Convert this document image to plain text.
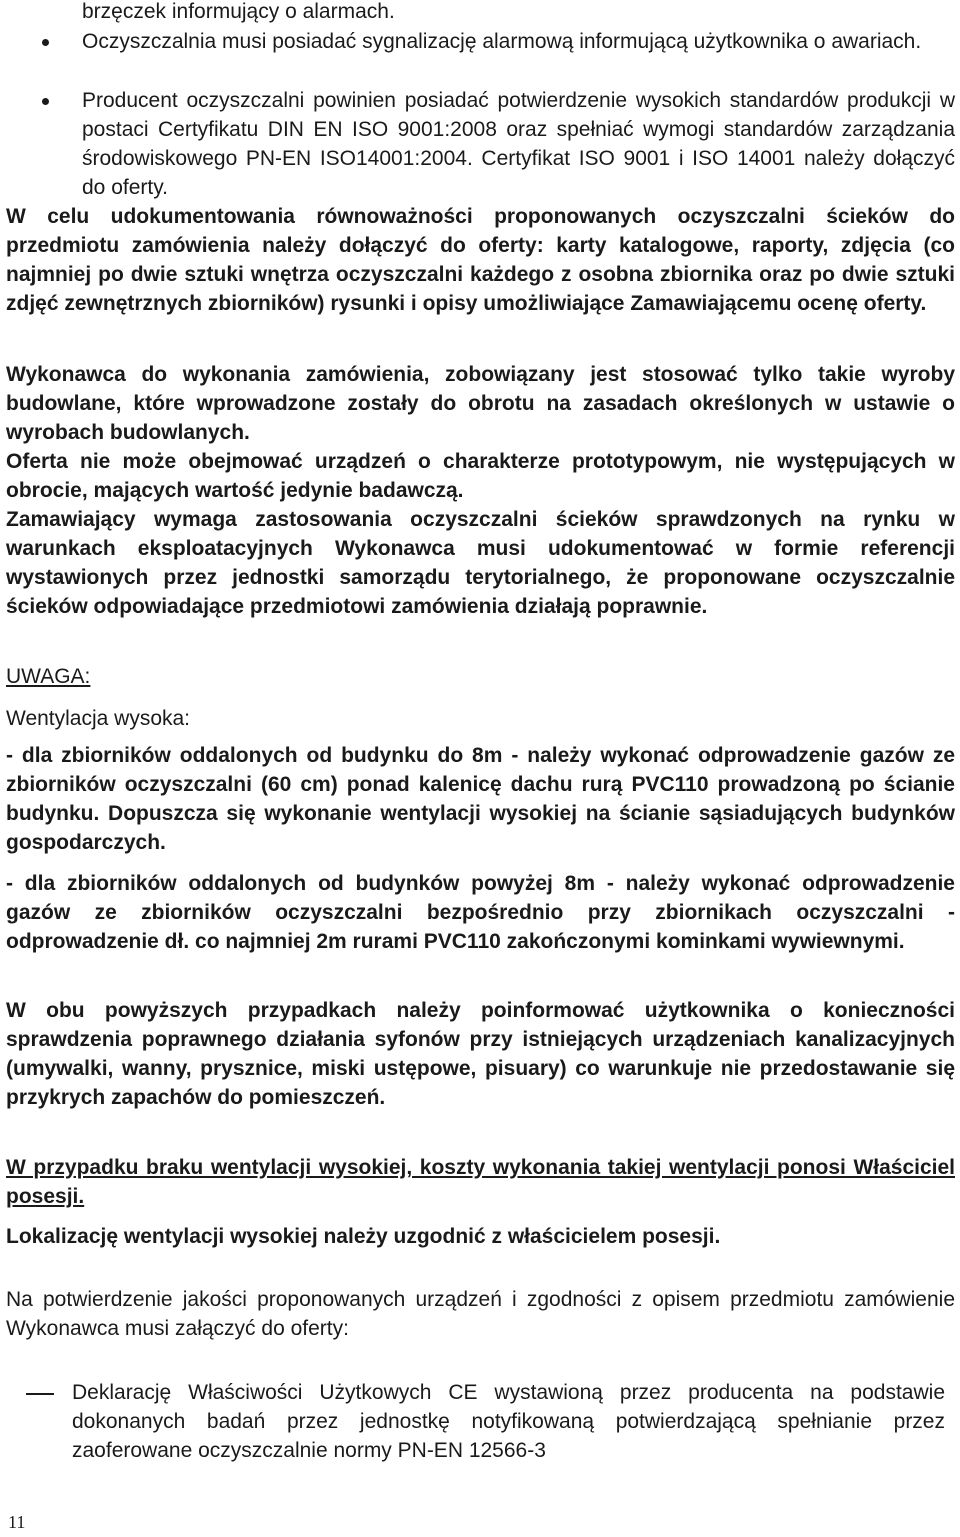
brzęczek informujący o alarmach.
Oczyszczalnia musi posiadać sygnalizację alarmową informującą użytkownika o awariach.
Producent oczyszczalni powinien posiadać potwierdzenie wysokich standardów produkcji w postaci Certyfikatu DIN EN ISO 9001:2008 oraz spełniać wymogi standardów zarządzania środowiskowego PN-EN ISO14001:2004. Certyfikat ISO 9001 i ISO 14001 należy dołączyć do oferty.

W celu udokumentowania równoważności proponowanych oczyszczalni ścieków do przedmiotu zamówienia należy dołączyć do oferty: karty katalogowe, raporty, zdjęcia (co najmniej po dwie sztuki wnętrza oczyszczalni każdego z osobna zbiornika oraz po dwie sztuki zdjęć zewnętrznych zbiorników) rysunki i opisy umożliwiające Zamawiającemu ocenę oferty.

Wykonawca do wykonania zamówienia, zobowiązany jest stosować tylko takie wyroby budowlane, które wprowadzone zostały do obrotu na zasadach określonych w ustawie o wyrobach budowlanych.

Oferta nie może obejmować urządzeń o charakterze prototypowym, nie występujących w obrocie, mających wartość jedynie badawczą.

Zamawiający wymaga zastosowania oczyszczalni ścieków sprawdzonych na rynku w warunkach eksploatacyjnych Wykonawca musi udokumentować w formie referencji wystawionych przez jednostki samorządu terytorialnego, że proponowane oczyszczalnie ścieków odpowiadające przedmiotowi zamówienia działają poprawnie.

UWAGA:

Wentylacja wysoka:

- dla zbiorników oddalonych od budynku do 8m - należy wykonać odprowadzenie gazów ze zbiorników oczyszczalni (60 cm) ponad kalenicę dachu rurą PVC110 prowadzoną po ścianie budynku. Dopuszcza się wykonanie wentylacji wysokiej na ścianie sąsiadujących budynków gospodarczych.

- dla zbiorników oddalonych od budynków powyżej 8m - należy wykonać odprowadzenie gazów ze zbiorników oczyszczalni bezpośrednio przy zbiornikach oczyszczalni - odprowadzenie dł. co najmniej 2m rurami PVC110 zakończonymi kominkami wywiewnymi.

W obu powyższych przypadkach należy poinformować użytkownika o konieczności sprawdzenia poprawnego działania syfonów przy istniejących urządzeniach kanalizacyjnych (umywalki, wanny, prysznice, miski ustępowe, pisuary) co warunkuje nie przedostawanie się przykrych zapachów do pomieszczeń.

W przypadku braku wentylacji wysokiej, koszty wykonania takiej wentylacji ponosi Właściciel posesji.

Lokalizację wentylacji wysokiej należy uzgodnić z właścicielem posesji.

Na potwierdzenie jakości proponowanych urządzeń i zgodności z opisem przedmiotu zamówienie Wykonawca musi załączyć do oferty:

Deklarację Właściwości Użytkowych CE wystawioną przez producenta na podstawie dokonanych badań przez jednostkę notyfikowaną potwierdzającą spełnianie przez zaoferowane oczyszczalnie normy PN-EN 12566-3
11
